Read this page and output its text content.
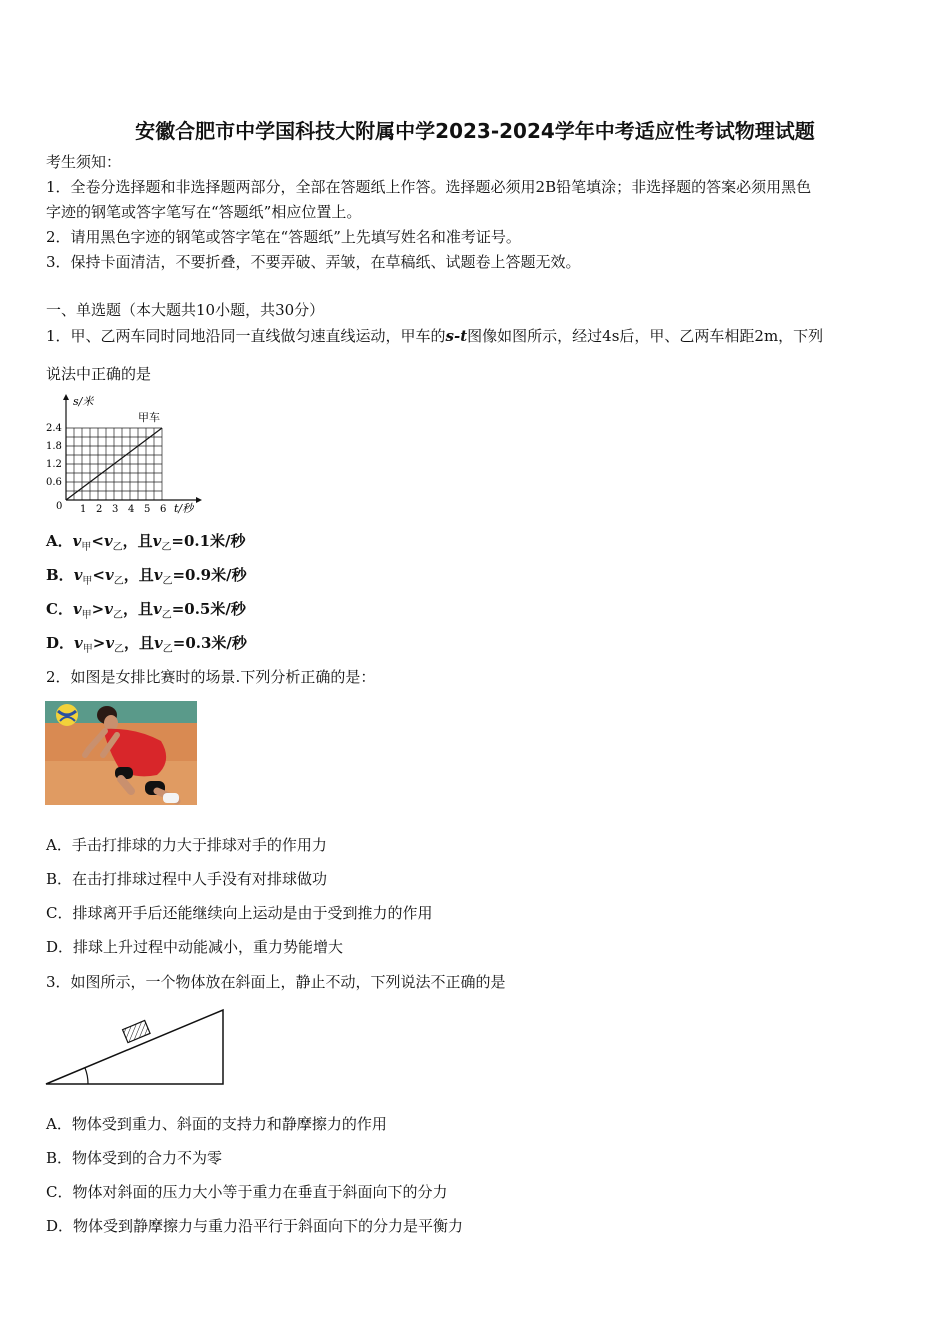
安徽合肥市中学国科技大附属中学2023-2024学年中考适应性考试物理试题
考生须知：
1．全卷分选择题和非选择题两部分，全部在答题纸上作答。选择题必须用2B铅笔填涂；非选择题的答案必须用黑色
字迹的钢笔或答字笔写在“答题纸”相应位置上。
2．请用黑色字迹的钢笔或答字笔在“答题纸”上先填写姓名和准考证号。
3．保持卡面清洁，不要折叠，不要弄破、弄皱，在草稿纸、试题卷上答题无效。
一、单选题（本大题共10小题，共30分）
1．甲、乙两车同时同地沿同一直线做匀速直线运动，甲车的s-t图像如图所示，经过4s后，甲、乙两车相距2m，下列
说法中正确的是
s/米
甲车
0	t/秒
2.4
1.8
1.2
0.6
1 2 3 4 5 6
A．$v_甲<v_乙$，且$v_乙=0.1$米/秒
B．$v_甲<v_乙$，且$v_乙=0.9$米/秒
C．$v_甲>v_乙$，且$v_乙=0.5$米/秒
D．$v_甲>v_乙$，且$v_乙=0.3$米/秒
2．如图是女排比赛时的场景.下列分析正确的是：
A．手击打排球的力大于排球对手的作用力
B．在击打排球过程中人手没有对排球做功
C．排球离开手后还能继续向上运动是由于受到推力的作用
D．排球上升过程中动能减小，重力势能增大
3．如图所示，一个物体放在斜面上，静止不动，下列说法不正确的是
A．物体受到重力、斜面的支持力和静摩擦力的作用
B．物体受到的合力不为零
C．物体对斜面的压力大小等于重力在垂直于斜面向下的分力
D．物体受到静摩擦力与重力沿平行于斜面向下的分力是平衡力
